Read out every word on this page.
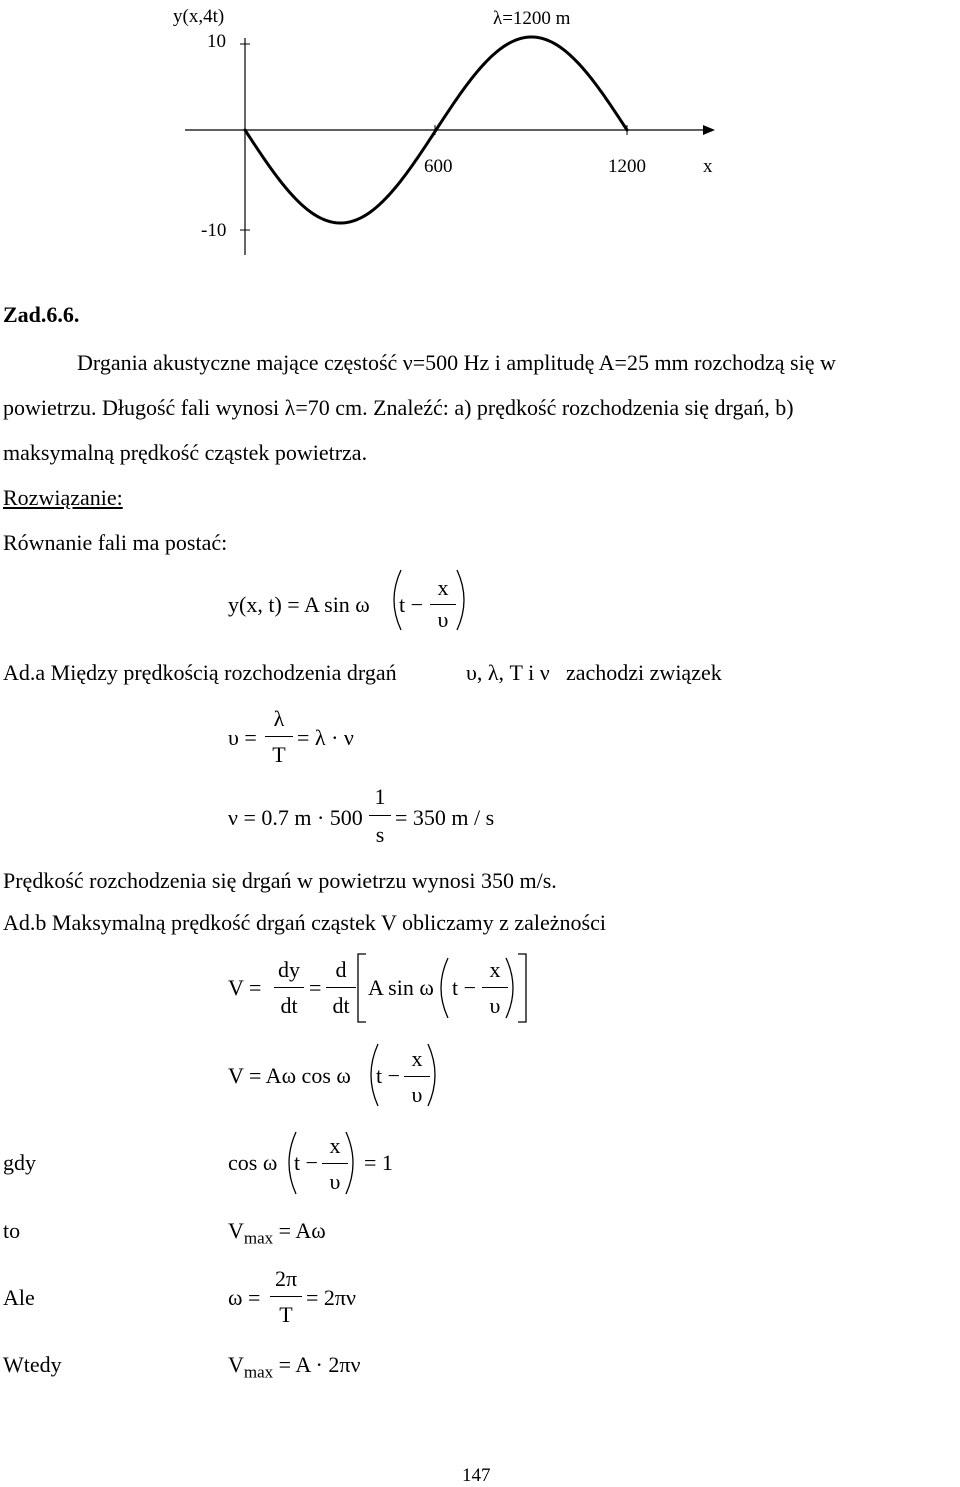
y(x,4t)
10
λ=1200 m
600	1200	x
-10
Zad.6.6.
Drgania akustyczne mające częstość ν=500 Hz i amplitudę A=25 mm rozchodzą się w
powietrzu. Długość fali wynosi λ=70 cm. Znaleźć: a) prędkość rozchodzenia się drgań, b)
maksymalną prędkość cząstek powietrza.
Rozwiązanie:
Równanie fali ma postać:
y(x, t) = A sin ω t −
x
υ
Ad.a Między prędkością rozchodzenia drgań	υ, λ, T i ν zachodzi związek
υ =
λ
T
= λ · ν
ν = 0.7 m · 500
1
s
= 350 m / s
Prędkość rozchodzenia się drgań w powietrzu wynosi 350 m/s.
Ad.b Maksymalną prędkość drgań cząstek V obliczamy z zależności
V =
dy
dt
=
d
dt
A sin ω t −
x
υ
V = Aω cos ω t −
x
υ
gdy	cos ω t −
x
υ
= 1
to	$V_{max} = A\omega$
Ale	ω =
2π
T
= 2πν
Wtedy	$V_{max} = A \cdot 2\pi\nu$
147
